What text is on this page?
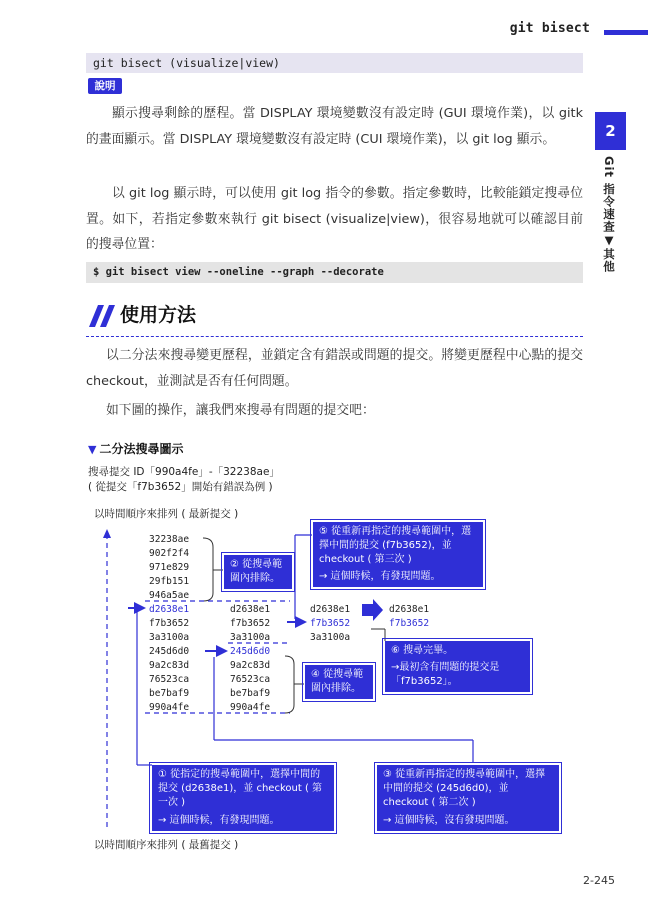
git bisect
2
Git 指令速查▼其他
git bisect (visualize|view)
說明
顯示搜尋剩餘的歷程。當 DISPLAY 環境變數沒有設定時 (GUI 環境作業)，以 gitk 的畫面顯示。當 DISPLAY 環境變數沒有設定時 (CUI 環境作業)，以 git log 顯示。
以 git log 顯示時，可以使用 git log 指令的參數。指定參數時，比較能鎖定搜尋位置。如下，若指定參數來執行 git bisect (visualize|view)，很容易地就可以確認目前的搜尋位置：
$ git bisect view --oneline --graph --decorate
使用方法
以二分法來搜尋變更歷程，並鎖定含有錯誤或問題的提交。將變更歷程中心點的提交 checkout，並測試是否有任何問題。
如下圖的操作，讓我們來搜尋有問題的提交吧：
▼ 二分法搜尋圖示
搜尋提交 ID「990a4fe」-「32238ae」
( 從提交「f7b3652」開始有錯誤為例 )
以時間順序來排列 ( 最新提交 )
以時間順序來排列 ( 最舊提交 )
32238ae
902f2f4
971e829
29fb151
946a5ae
d2638e1
f7b3652
3a3100a
245d6d0
9a2c83d
76523ca
be7baf9
990a4fe
d2638e1
f7b3652
3a3100a
245d6d0
9a2c83d
76523ca
be7baf9
990a4fe
d2638e1
f7b3652
3a3100a
d2638e1
f7b3652
② 從搜尋範圍內排除。
④ 從搜尋範圍內排除。
⑤ 從重新再指定的搜尋範圍中，選擇中間的提交 (f7b3652)，並 checkout ( 第三次 )
→ 這個時候，有發現問題。
⑥ 搜尋完畢。
→最初含有問題的提交是「f7b3652」。
① 從指定的搜尋範圍中，選擇中間的提交 (d2638e1)，並 checkout ( 第一次 )
→ 這個時候，有發現問題。
③ 從重新再指定的搜尋範圍中，選擇中間的提交 (245d6d0)，並 checkout ( 第二次 )
→ 這個時候，沒有發現問題。
2-245
